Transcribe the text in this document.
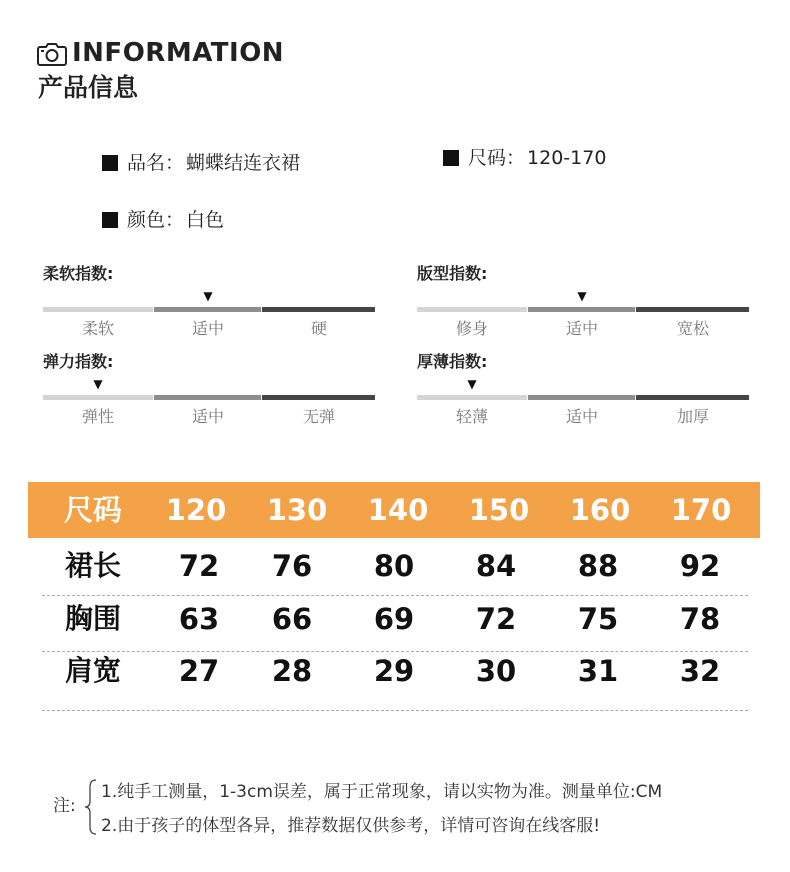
INFORMATION
产品信息
品名： 蝴蝶结连衣裙	尺码： 120-170
颜色： 白色
柔软指数:
▼
柔软	适中	硬
版型指数:
▼
修身	适中	宽松
弹力指数:
▼
弹性	适中	无弹
厚薄指数:
▼
轻薄	适中	加厚
尺码	120	130	140	150	160	170
裙长	72	76	80	84	88	92
胸围	63	66	69	72	75	78
肩宽	27	28	29	30	31	32
注:
1.纯手工测量，1-3cm误差，属于正常现象，请以实物为准。测量单位:CM
2.由于孩子的体型各异，推荐数据仅供参考，详情可咨询在线客服!
